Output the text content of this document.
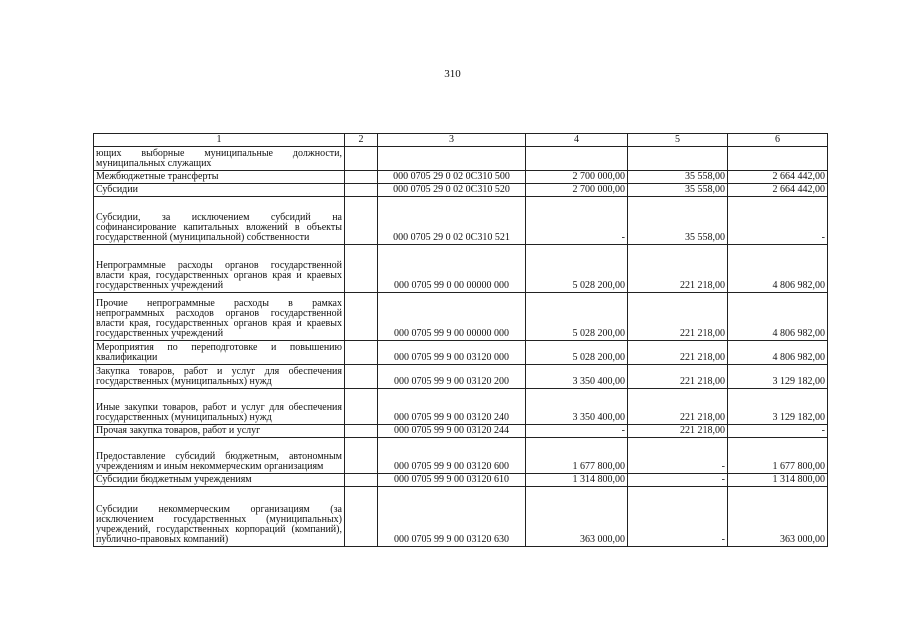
310
1	2	3	4	5	6
ющих выборные муниципальные должности, муниципальных служащих					
Межбюджетные трансферты		000 0705 29 0 02 0С310 500	2 700 000,00	35 558,00	2 664 442,00
Субсидии		000 0705 29 0 02 0С310 520	2 700 000,00	35 558,00	2 664 442,00
Субсидии, за исключением субсидий на софинансирование капитальных вложений в объекты государственной (муниципальной) собственности		000 0705 29 0 02 0С310 521	-	35 558,00	-
Непрограммные расходы органов государственной власти края, государственных органов края и краевых государственных учреждений		000 0705 99 0 00 00000 000	5 028 200,00	221 218,00	4 806 982,00
Прочие непрограммные расходы в рамках непрограммных расходов органов государственной власти края, государственных органов края и краевых государственных учреждений		000 0705 99 9 00 00000 000	5 028 200,00	221 218,00	4 806 982,00
Мероприятия по переподготовке и повышению квалификации		000 0705 99 9 00 03120 000	5 028 200,00	221 218,00	4 806 982,00
Закупка товаров, работ и услуг для обеспечения государственных (муниципальных) нужд		000 0705 99 9 00 03120 200	3 350 400,00	221 218,00	3 129 182,00
Иные закупки товаров, работ и услуг для обеспечения государственных (муниципальных) нужд		000 0705 99 9 00 03120 240	3 350 400,00	221 218,00	3 129 182,00
Прочая закупка товаров, работ и услуг		000 0705 99 9 00 03120 244	-	221 218,00	-
Предоставление субсидий бюджетным, автономным учреждениям и иным некоммерческим организациям		000 0705 99 9 00 03120 600	1 677 800,00	-	1 677 800,00
Субсидии бюджетным учреждениям		000 0705 99 9 00 03120 610	1 314 800,00	-	1 314 800,00
Субсидии некоммерческим организациям (за исключением государственных (муниципальных) учреждений, государственных корпораций (компаний), публично-правовых компаний)		000 0705 99 9 00 03120 630	363 000,00	-	363 000,00
